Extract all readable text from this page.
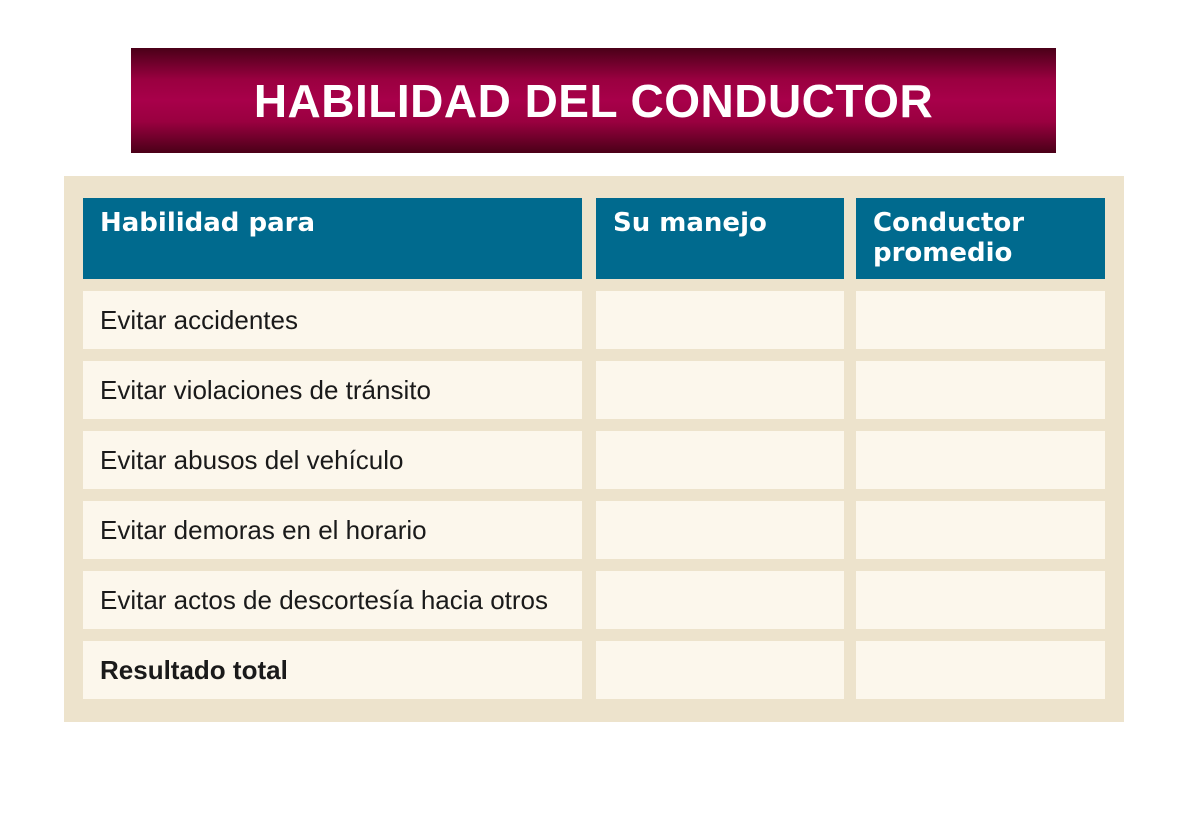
HABILIDAD DEL CONDUCTOR
Habilidad para	Su manejo	Conductor promedio
Evitar accidentes
Evitar violaciones de tránsito
Evitar abusos del vehículo
Evitar demoras en el horario
Evitar actos de descortesía hacia otros
Resultado total
